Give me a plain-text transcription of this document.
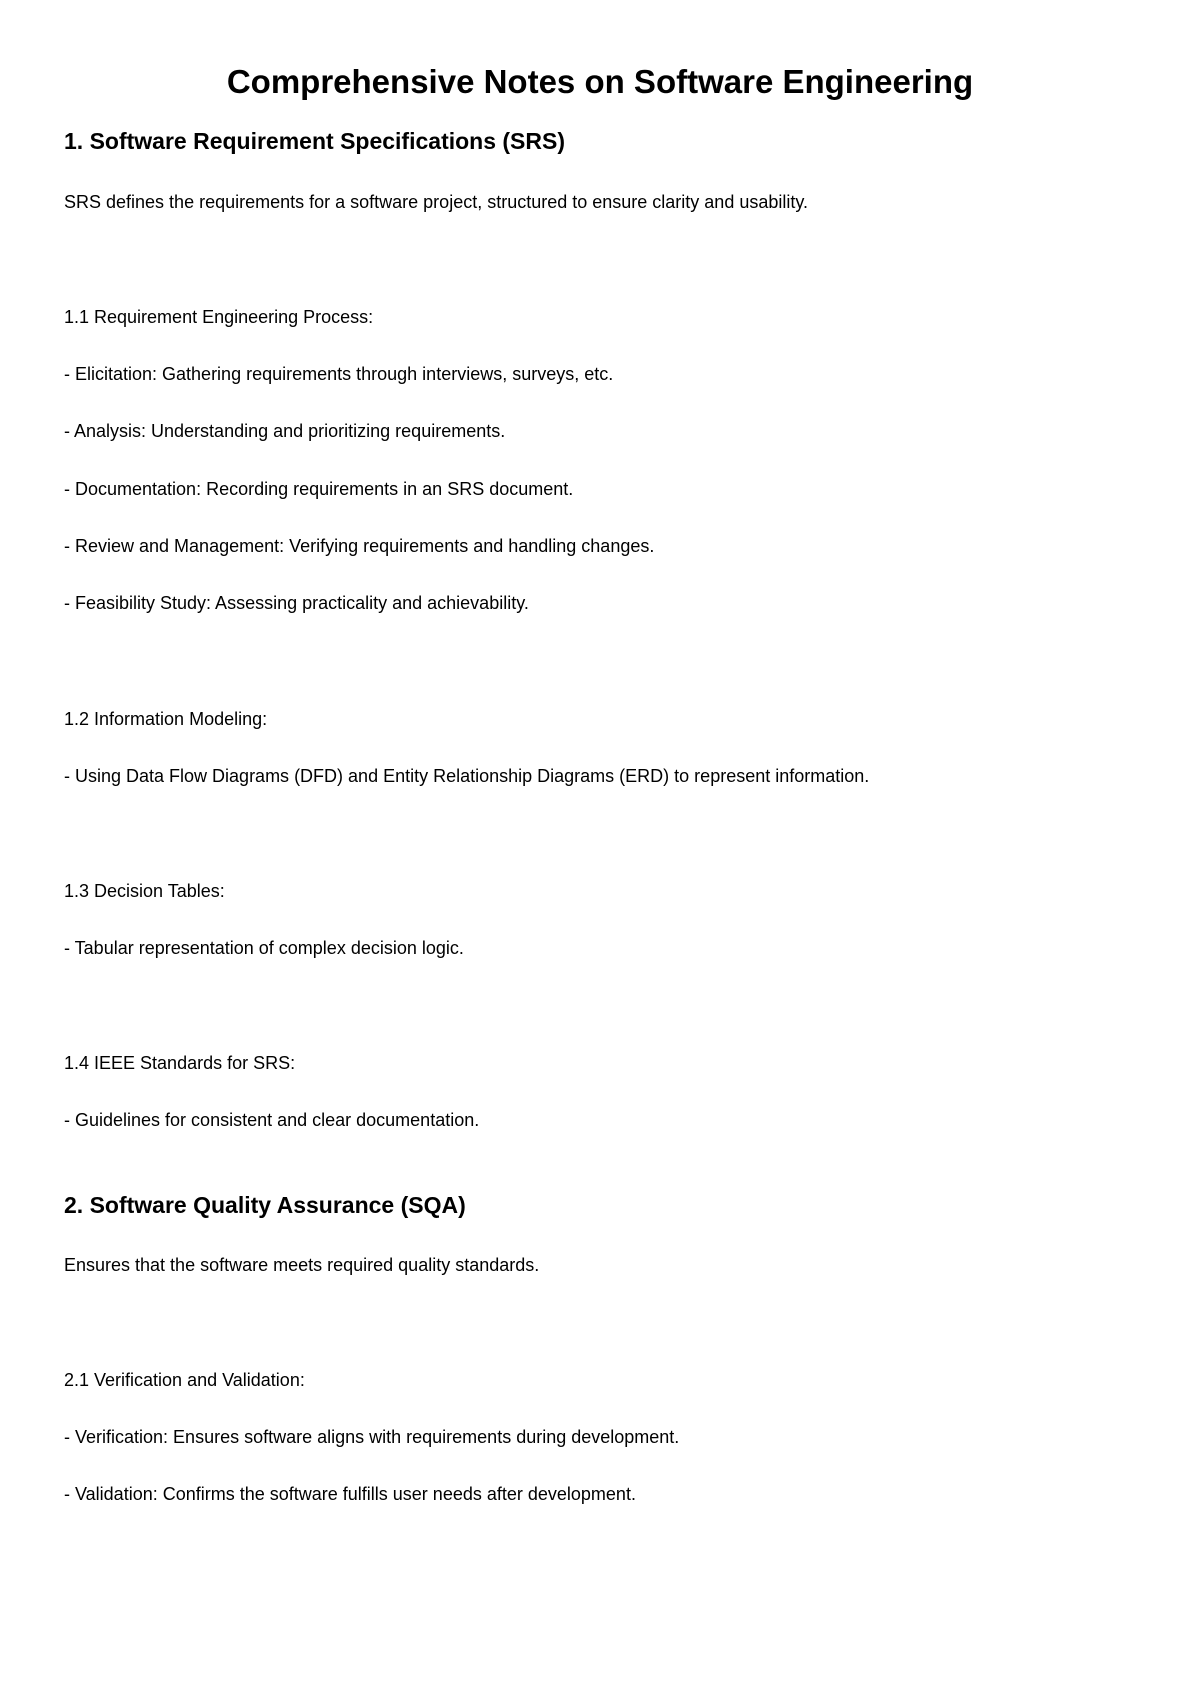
Comprehensive Notes on Software Engineering
1. Software Requirement Specifications (SRS)

SRS defines the requirements for a software project, structured to ensure clarity and usability.

1.1 Requirement Engineering Process:

- Elicitation: Gathering requirements through interviews, surveys, etc.

- Analysis: Understanding and prioritizing requirements.

- Documentation: Recording requirements in an SRS document.

- Review and Management: Verifying requirements and handling changes.

- Feasibility Study: Assessing practicality and achievability.

1.2 Information Modeling:

- Using Data Flow Diagrams (DFD) and Entity Relationship Diagrams (ERD) to represent information.

1.3 Decision Tables:

- Tabular representation of complex decision logic.

1.4 IEEE Standards for SRS:

- Guidelines for consistent and clear documentation.

2. Software Quality Assurance (SQA)

Ensures that the software meets required quality standards.

2.1 Verification and Validation:

- Verification: Ensures software aligns with requirements during development.

- Validation: Confirms the software fulfills user needs after development.
